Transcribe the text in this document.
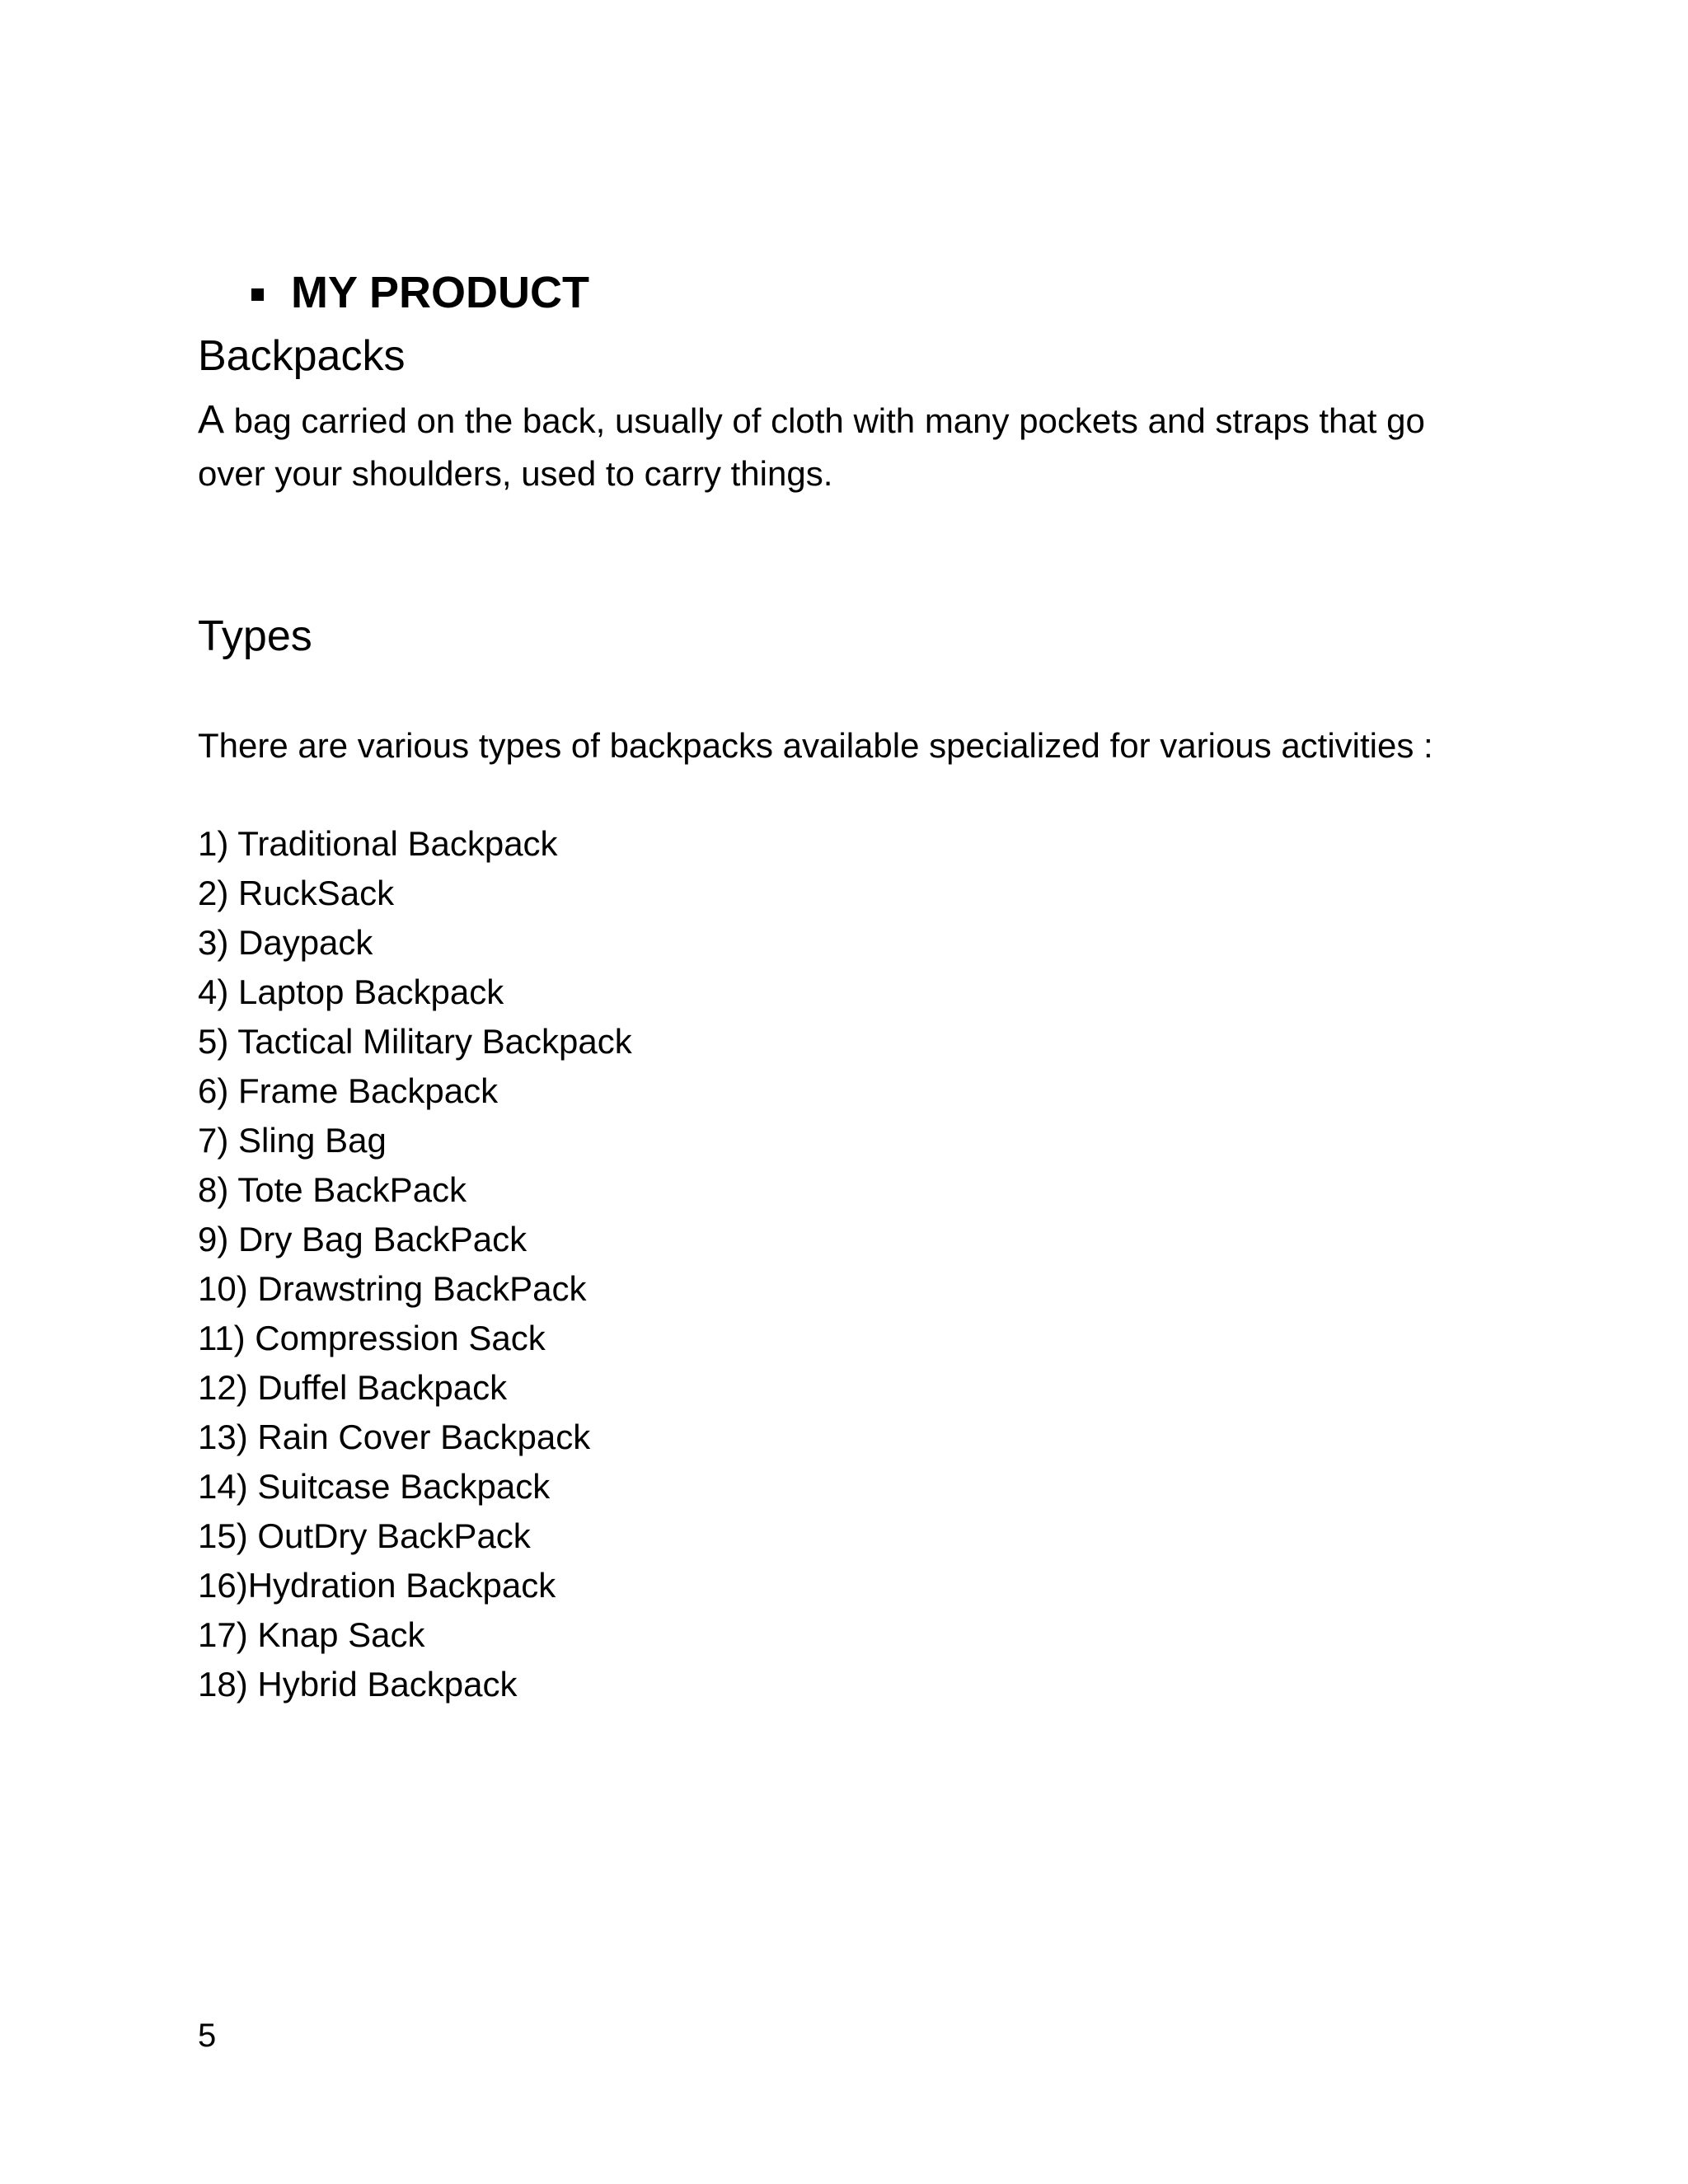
MY PRODUCT
Backpacks
A bag carried on the back, usually of cloth with many pockets and straps that go over your shoulders, used to carry things.
Types
There are various types of backpacks available specialized for various activities :
1) Traditional Backpack
2) RuckSack
3) Daypack
4) Laptop Backpack
5) Tactical Military Backpack
6) Frame Backpack
7) Sling Bag
8) Tote BackPack
9) Dry Bag BackPack
10) Drawstring BackPack
11) Compression Sack
12) Duffel Backpack
13) Rain Cover Backpack
14) Suitcase Backpack
15) OutDry BackPack
16)Hydration Backpack
17) Knap Sack
18) Hybrid Backpack
5
